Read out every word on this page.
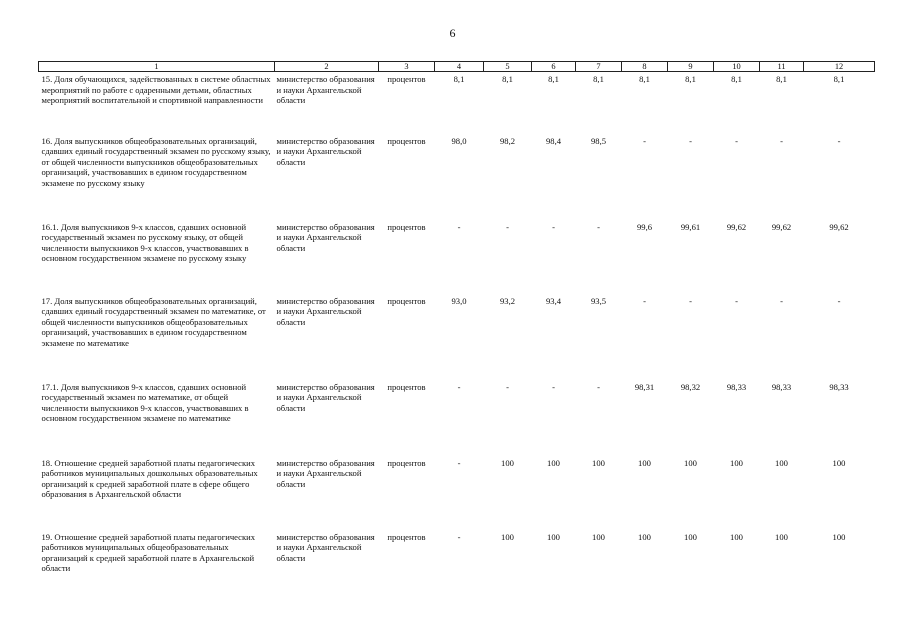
6
1	2	3	4	5	6	7	8	9	10	11	12
15. Доля обучающихся, задействованных в системе областных мероприятий по работе с одаренными детьми, областных мероприятий воспитательной и спортивной направленности	министерство образования и науки Архангельской области	процентов	8,1	8,1	8,1	8,1	8,1	8,1	8,1	8,1	8,1
16. Доля выпускников общеобразовательных организаций, сдавших единый государственный экзамен по русскому языку, от общей численности выпускников общеобразовательных организаций, участвовавших в едином государственном экзамене по русскому языку	министерство образования и науки Архангельской области	процентов	98,0	98,2	98,4	98,5	-	-	-	-	-
16.1. Доля выпускников 9-х классов, сдавших основной государственный экзамен по русскому языку, от общей численности выпускников 9-х классов, участвовавших в основном государственном экзамене по русскому языку	министерство образования и науки Архангельской области	процентов	-	-	-	-	99,6	99,61	99,62	99,62	99,62
17. Доля выпускников общеобразовательных организаций, сдавших единый государственный экзамен по математике, от общей численности выпускников общеобразовательных организаций, участвовавших в едином государственном экзамене по математике	министерство образования и науки Архангельской области	процентов	93,0	93,2	93,4	93,5	-	-	-	-	-
17.1. Доля выпускников 9-х классов, сдавших основной государственный экзамен по математике, от общей численности выпускников 9-х классов, участвовавших в основном государственном экзамене по математике	министерство образования и науки Архангельской области	процентов	-	-	-	-	98,31	98,32	98,33	98,33	98,33
18. Отношение средней заработной платы педагогических работников муниципальных дошкольных образовательных организаций к средней заработной плате в сфере общего образования в Архангельской области	министерство образования и науки Архангельской области	процентов	-	100	100	100	100	100	100	100	100
19. Отношение средней заработной платы педагогических работников муниципальных общеобразовательных организаций к средней заработной плате в Архангельской области	министерство образования и науки Архангельской области	процентов	-	100	100	100	100	100	100	100	100
